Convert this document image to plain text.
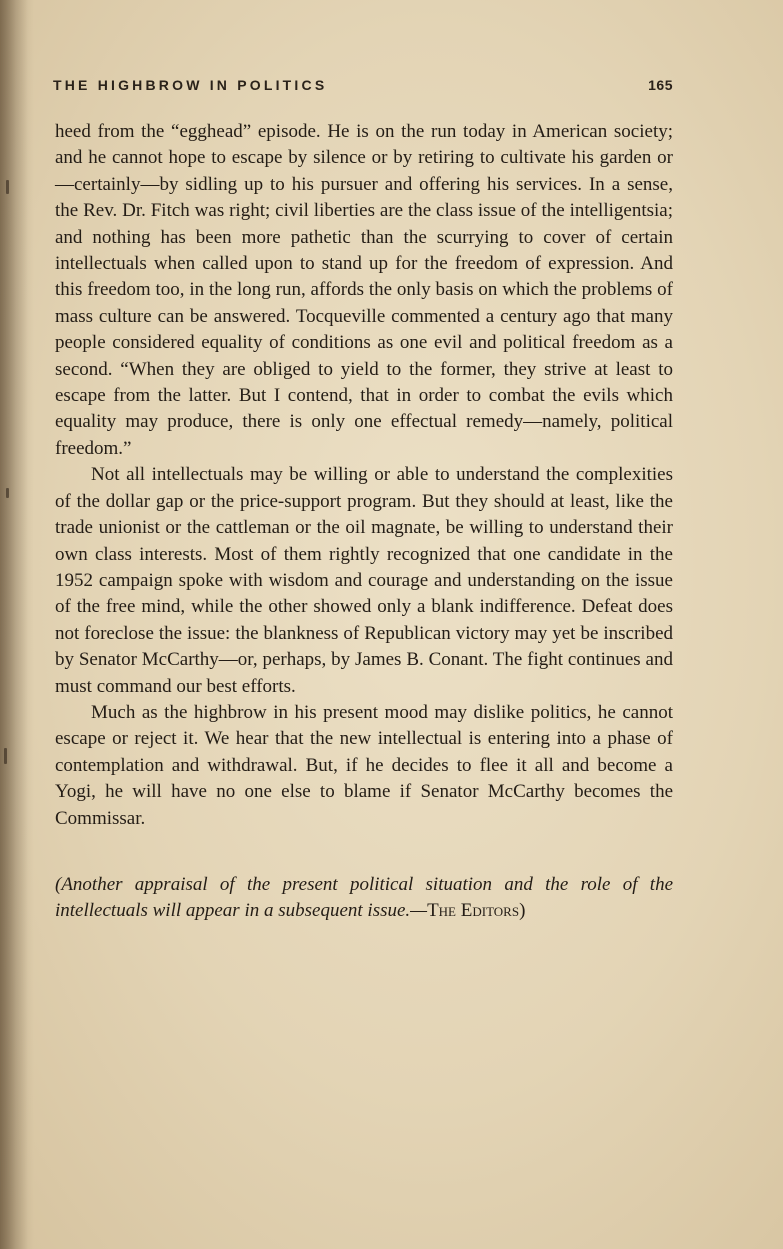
THE HIGHBROW IN POLITICS	165

heed from the “egghead” episode. He is on the run today in American society; and he cannot hope to escape by silence or by retiring to cultivate his garden or—certainly—by sidling up to his pursuer and offering his services. In a sense, the Rev. Dr. Fitch was right; civil liberties are the class issue of the intelligentsia; and nothing has been more pathetic than the scurrying to cover of certain intellectuals when called upon to stand up for the freedom of expression. And this freedom too, in the long run, affords the only basis on which the problems of mass culture can be answered. Tocqueville commented a century ago that many people considered equality of conditions as one evil and political freedom as a second. “When they are obliged to yield to the former, they strive at least to escape from the latter. But I contend, that in order to combat the evils which equality may produce, there is only one effectual remedy—namely, political freedom.”

Not all intellectuals may be willing or able to understand the complexities of the dollar gap or the price-support program. But they should at least, like the trade unionist or the cattleman or the oil magnate, be willing to understand their own class interests. Most of them rightly recognized that one candidate in the 1952 campaign spoke with wisdom and courage and understanding on the issue of the free mind, while the other showed only a blank indifference. Defeat does not foreclose the issue: the blankness of Republican victory may yet be inscribed by Senator McCarthy—or, perhaps, by James B. Conant. The fight continues and must command our best efforts.

Much as the highbrow in his present mood may dislike politics, he cannot escape or reject it. We hear that the new intellectual is entering into a phase of contemplation and withdrawal. But, if he decides to flee it all and become a Yogi, he will have no one else to blame if Senator McCarthy becomes the Commissar.

(Another appraisal of the present political situation and the role of the intellectuals will appear in a subsequent issue.—The Editors)
